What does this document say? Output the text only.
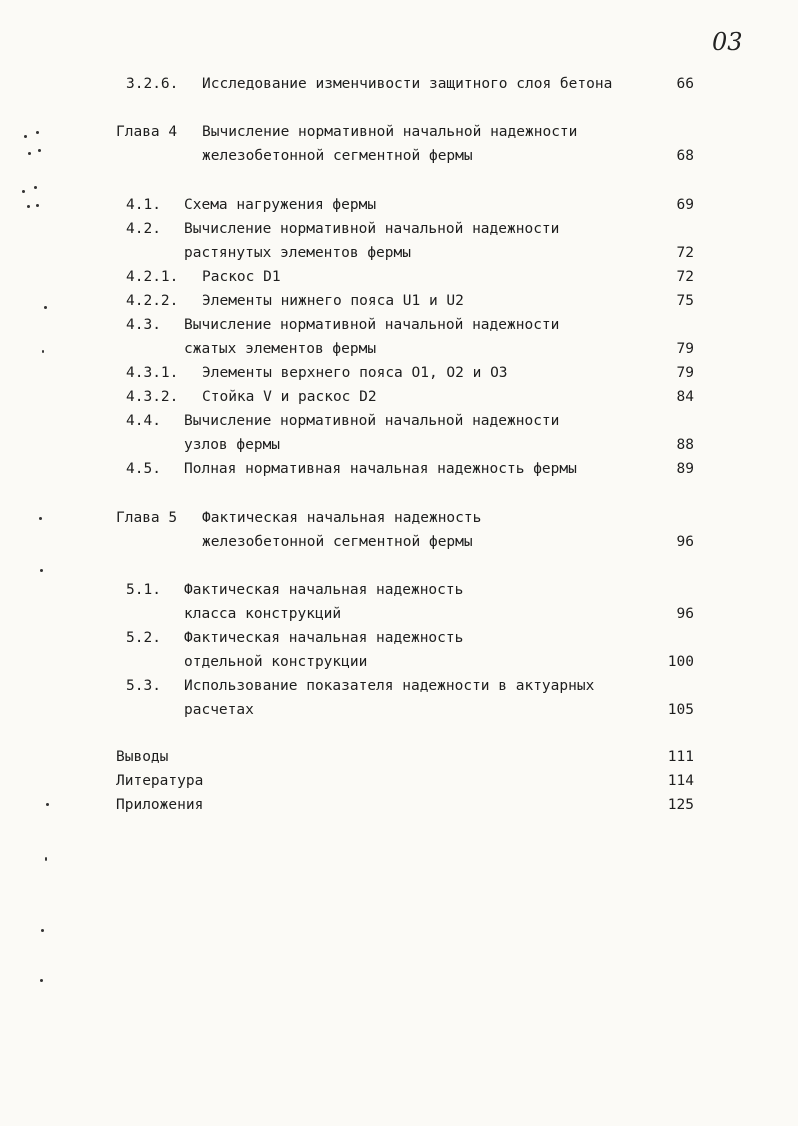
03
3.2.6. Исследование изменчивости защитного слоя бетона	66
Глава 4 Вычисление нормативной начальной надежности
железобетонной сегментной фермы	68
4.1. Схема нагружения фермы	69
4.2. Вычисление нормативной начальной надежности
растянутых элементов фермы	72
4.2.1. Раскос D1	72
4.2.2. Элементы нижнего пояса U1 и U2	75
4.3. Вычисление нормативной начальной надежности
сжатых элементов фермы	79
4.3.1. Элементы верхнего пояса O1, O2 и O3	79
4.3.2. Стойка V и раскос D2	84
4.4. Вычисление нормативной начальной надежности
узлов фермы	88
4.5. Полная нормативная начальная надежность фермы	89
Глава 5 Фактическая начальная надежность
железобетонной сегментной фермы	96
5.1. Фактическая начальная надежность
класса конструкций	96
5.2. Фактическая начальная надежность
отдельной конструкции	100
5.3. Использование показателя надежности в актуарных
расчетах	105
Выводы	111
Литература	114
Приложения	125
